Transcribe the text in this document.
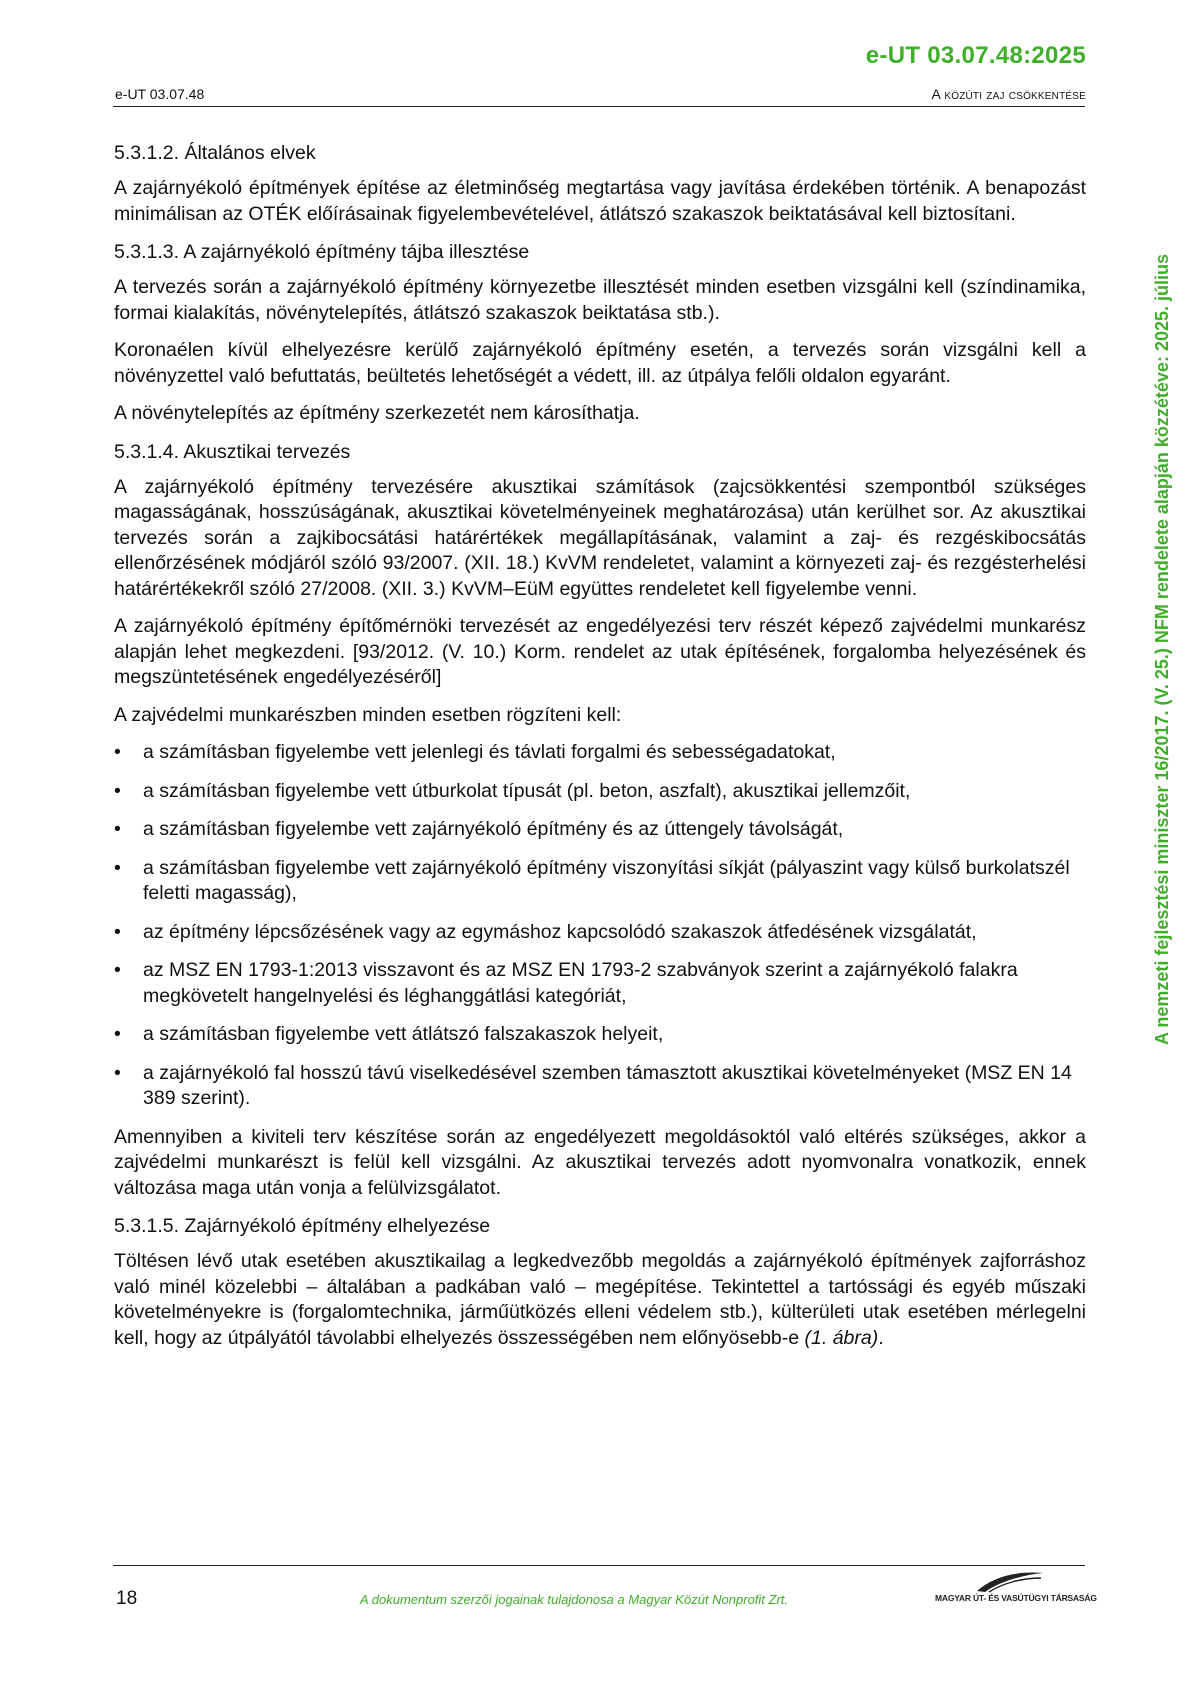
e-UT 03.07.48:2025
e-UT 03.07.48	A közúti zaj csökkentése
A nemzeti fejlesztési miniszter 16/2017. (V. 25.) NFM rendelete alapján közzétéve: 2025. július
5.3.1.2. Általános elvek

A zajárnyékoló építmények építése az életminőség megtartása vagy javítása érdekében történik. A benapozást minimálisan az OTÉK előírásainak figyelembevételével, átlátszó szakaszok beiktatásával kell biztosítani.

5.3.1.3. A zajárnyékoló építmény tájba illesztése

A tervezés során a zajárnyékoló építmény környezetbe illesztését minden esetben vizsgálni kell (színdinamika, formai kialakítás, növénytelepítés, átlátszó szakaszok beiktatása stb.).

Koronaélen kívül elhelyezésre kerülő zajárnyékoló építmény esetén, a tervezés során vizsgálni kell a növényzettel való befuttatás, beültetés lehetőségét a védett, ill. az útpálya felőli oldalon egyaránt.

A növénytelepítés az építmény szerkezetét nem károsíthatja.

5.3.1.4. Akusztikai tervezés

A zajárnyékoló építmény tervezésére akusztikai számítások (zajcsökkentési szempontból szükséges magasságának, hosszúságának, akusztikai követelményeinek meghatározása) után kerülhet sor. Az akusztikai tervezés során a zajkibocsátási határértékek megállapításának, valamint a zaj- és rezgéskibocsátás ellenőrzésének módjáról szóló 93/2007. (XII. 18.) KvVM rendeletet, valamint a környezeti zaj- és rezgésterhelési határértékekről szóló 27/2008. (XII. 3.) KvVM–EüM együttes rendeletet kell figyelembe venni.

A zajárnyékoló építmény építőmérnöki tervezését az engedélyezési terv részét képező zajvédelmi munkarész alapján lehet megkezdeni. [93/2012. (V. 10.) Korm. rendelet az utak építésének, forgalomba helyezésének és megszüntetésének engedélyezéséről]

A zajvédelmi munkarészben minden esetben rögzíteni kell:

• a számításban figyelembe vett jelenlegi és távlati forgalmi és sebességadatokat,
• a számításban figyelembe vett útburkolat típusát (pl. beton, aszfalt), akusztikai jellemzőit,
• a számításban figyelembe vett zajárnyékoló építmény és az úttengely távolságát,
• a számításban figyelembe vett zajárnyékoló építmény viszonyítási síkját (pályaszint vagy külső burkolatszél feletti magasság),
• az építmény lépcsőzésének vagy az egymáshoz kapcsolódó szakaszok átfedésének vizsgálatát,
• az MSZ EN 1793-1:2013 visszavont és az MSZ EN 1793-2 szabványok szerint a zajárnyékoló falakra megkövetelt hangelnyelési és léghanggátlási kategóriát,
• a számításban figyelembe vett átlátszó falszakaszok helyeit,
• a zajárnyékoló fal hosszú távú viselkedésével szemben támasztott akusztikai követelményeket (MSZ EN 14 389 szerint).

Amennyiben a kiviteli terv készítése során az engedélyezett megoldásoktól való eltérés szükséges, akkor a zajvédelmi munkarészt is felül kell vizsgálni. Az akusztikai tervezés adott nyomvonalra vonatkozik, ennek változása maga után vonja a felülvizsgálatot.

5.3.1.5. Zajárnyékoló építmény elhelyezése

Töltésen lévő utak esetében akusztikailag a legkedvezőbb megoldás a zajárnyékoló építmények zajforráshoz való minél közelebbi – általában a padkában való – megépítése. Tekintettel a tartóssági és egyéb műszaki követelményekre is (forgalomtechnika, járműütközés elleni védelem stb.), külterületi utak esetében mérlegelni kell, hogy az útpályától távolabbi elhelyezés összességében nem előnyösebb-e (1. ábra).

18	A dokumentum szerzői jogainak tulajdonosa a Magyar Közút Nonprofit Zrt.	MAGYAR ÚT- ÉS VASÚTÜGYI TÁRSASÁG
